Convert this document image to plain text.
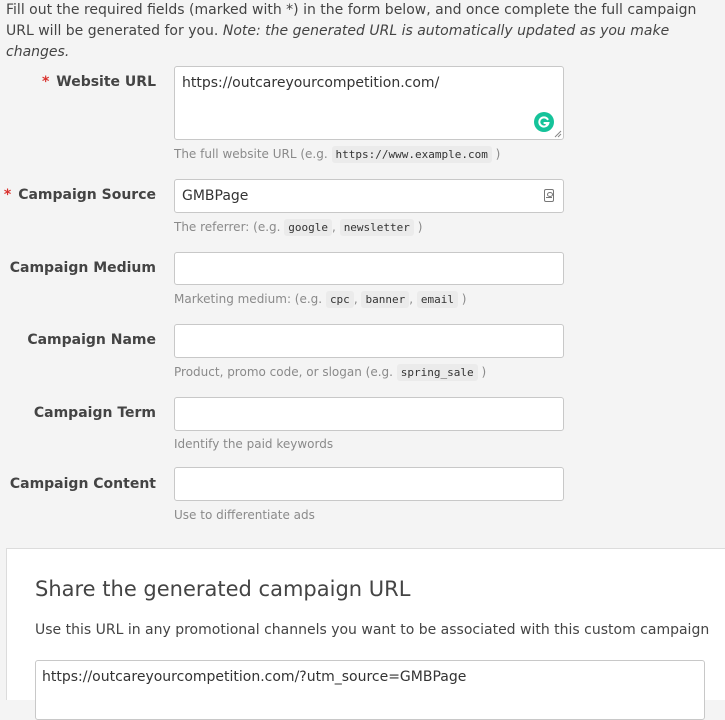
Fill out the required fields (marked with *) in the form below, and once complete the full campaign URL will be generated for you. Note: the generated URL is automatically updated as you make changes.
* Website URL https://outcareyourcompetition.com/
The full website URL (e.g. https://www.example.com )
* Campaign Source GMBPage
The referrer: (e.g. google , newsletter )
Campaign Medium
Marketing medium: (e.g. cpc , banner , email )
Campaign Name
Product, promo code, or slogan (e.g. spring_sale )
Campaign Term
Identify the paid keywords
Campaign Content
Use to differentiate ads
Share the generated campaign URL
Use this URL in any promotional channels you want to be associated with this custom campaign
https://outcareyourcompetition.com/?utm_source=GMBPage
